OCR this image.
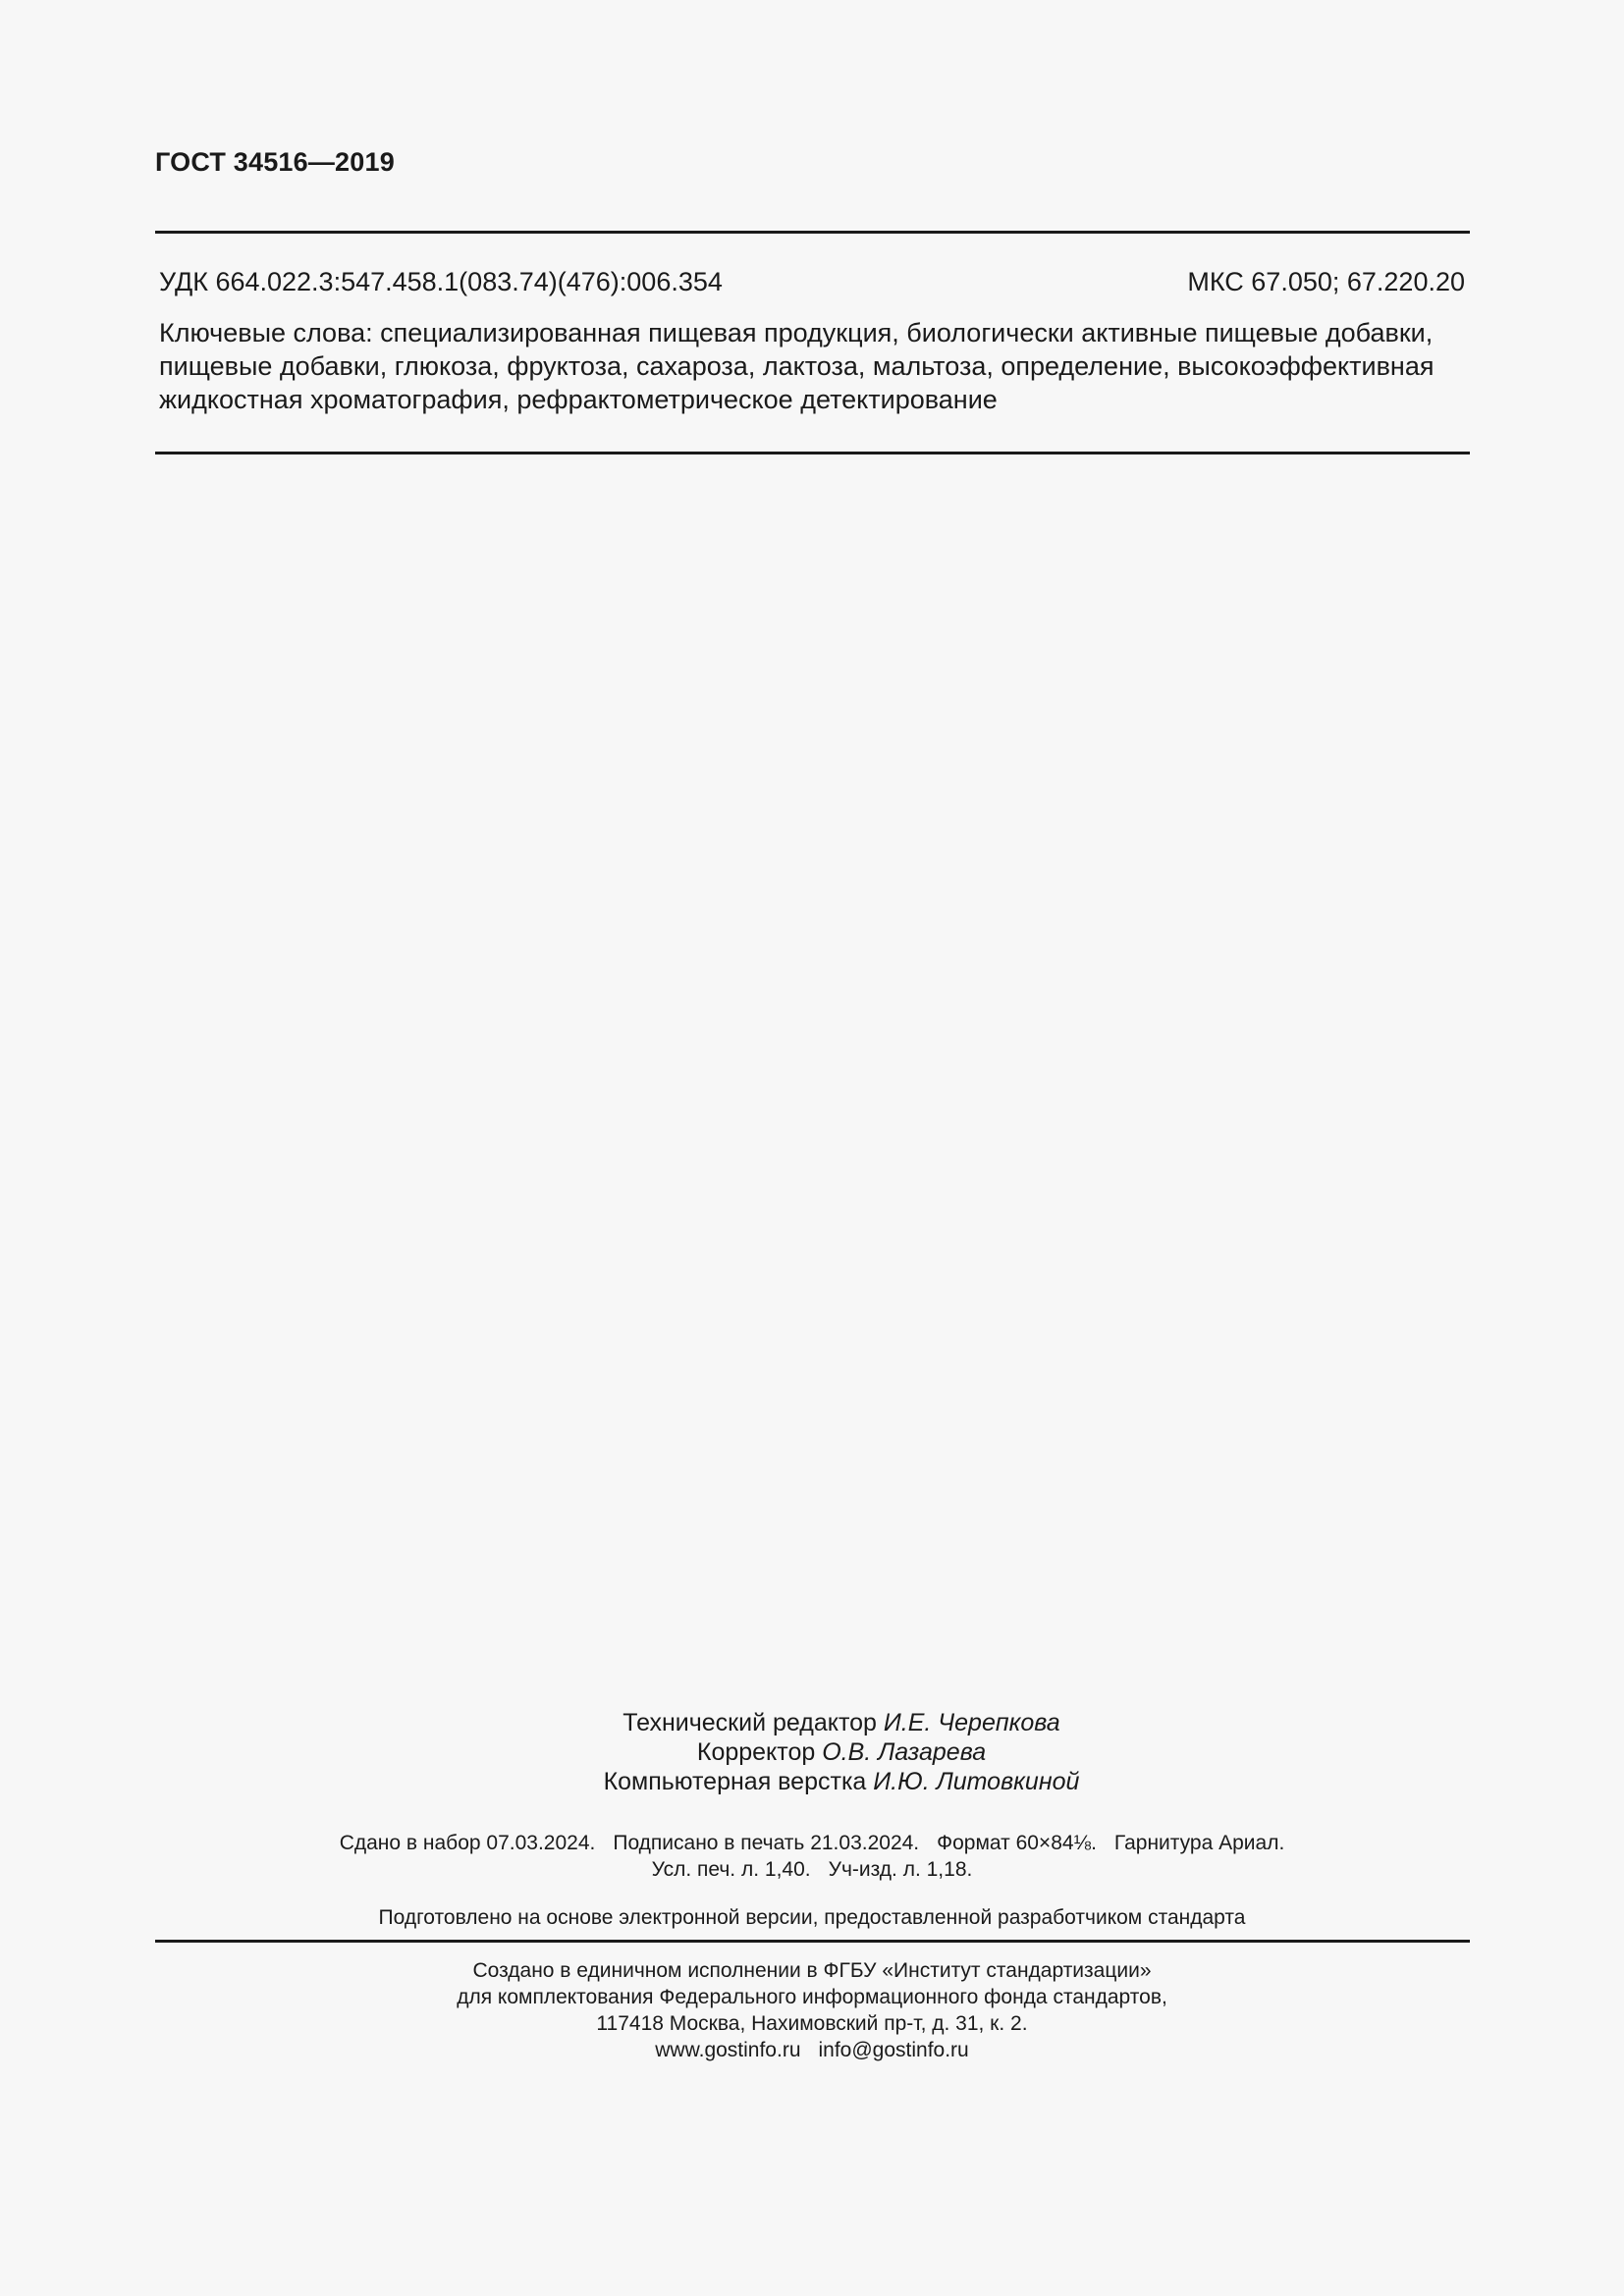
ГОСТ 34516—2019
УДК 664.022.3:547.458.1(083.74)(476):006.354	МКС 67.050; 67.220.20
Ключевые слова: специализированная пищевая продукция, биологически активные пищевые добавки, пищевые добавки, глюкоза, фруктоза, сахароза, лактоза, мальтоза, определение, высокоэффективная жидкостная хроматография, рефрактометрическое детектирование
Технический редактор И.Е. Черепкова
Корректор О.В. Лазарева
Компьютерная верстка И.Ю. Литовкиной
Сдано в набор 07.03.2024. Подписано в печать 21.03.2024. Формат 60×84⅛. Гарнитура Ариал.
Усл. печ. л. 1,40. Уч-изд. л. 1,18.
Подготовлено на основе электронной версии, предоставленной разработчиком стандарта
Создано в единичном исполнении в ФГБУ «Институт стандартизации»
для комплектования Федерального информационного фонда стандартов,
117418 Москва, Нахимовский пр-т, д. 31, к. 2.
www.gostinfo.ru info@gostinfo.ru
